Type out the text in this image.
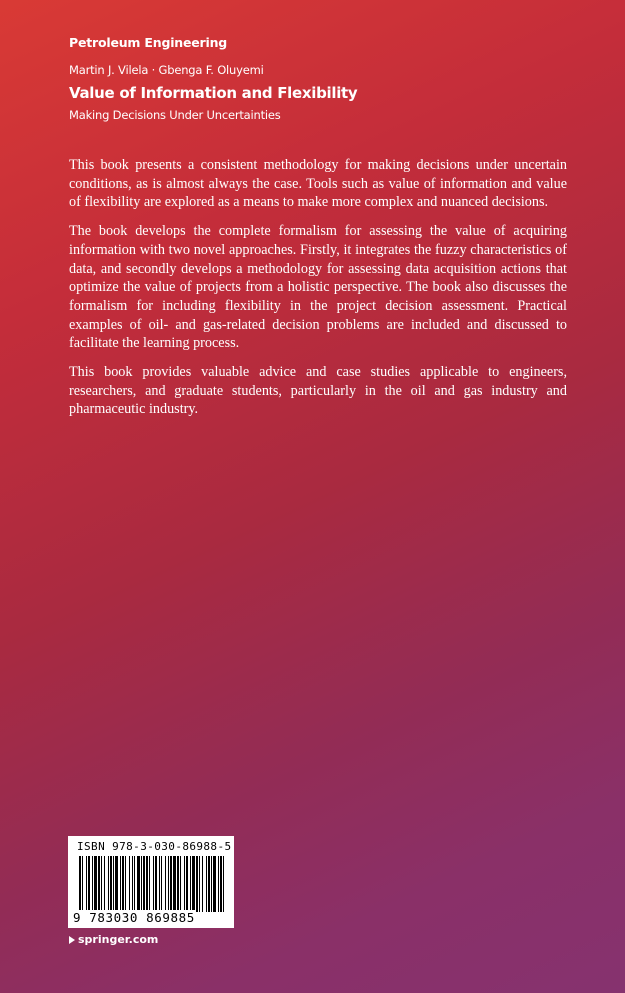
Petroleum Engineering
Martin J. Vilela · Gbenga F. Oluyemi
Value of Information and Flexibility
Making Decisions Under Uncertainties

This book presents a consistent methodology for making decisions under uncertain conditions, as is almost always the case. Tools such as value of information and value of flexibility are explored as a means to make more complex and nuanced decisions.

The book develops the complete formalism for assessing the value of acquiring information with two novel approaches. Firstly, it integrates the fuzzy characteristics of data, and secondly develops a methodology for assessing data acquisition actions that optimize the value of projects from a holistic perspective. The book also discusses the formalism for including flexibility in the project decision assessment. Practical examples of oil- and gas-related decision problems are included and discussed to facilitate the learning process.

This book provides valuable advice and case studies applicable to engineers, researchers, and graduate students, particularly in the oil and gas industry and pharmaceutic industry.

ISBN 978-3-030-86988-5
9 783030 869885
springer.com
